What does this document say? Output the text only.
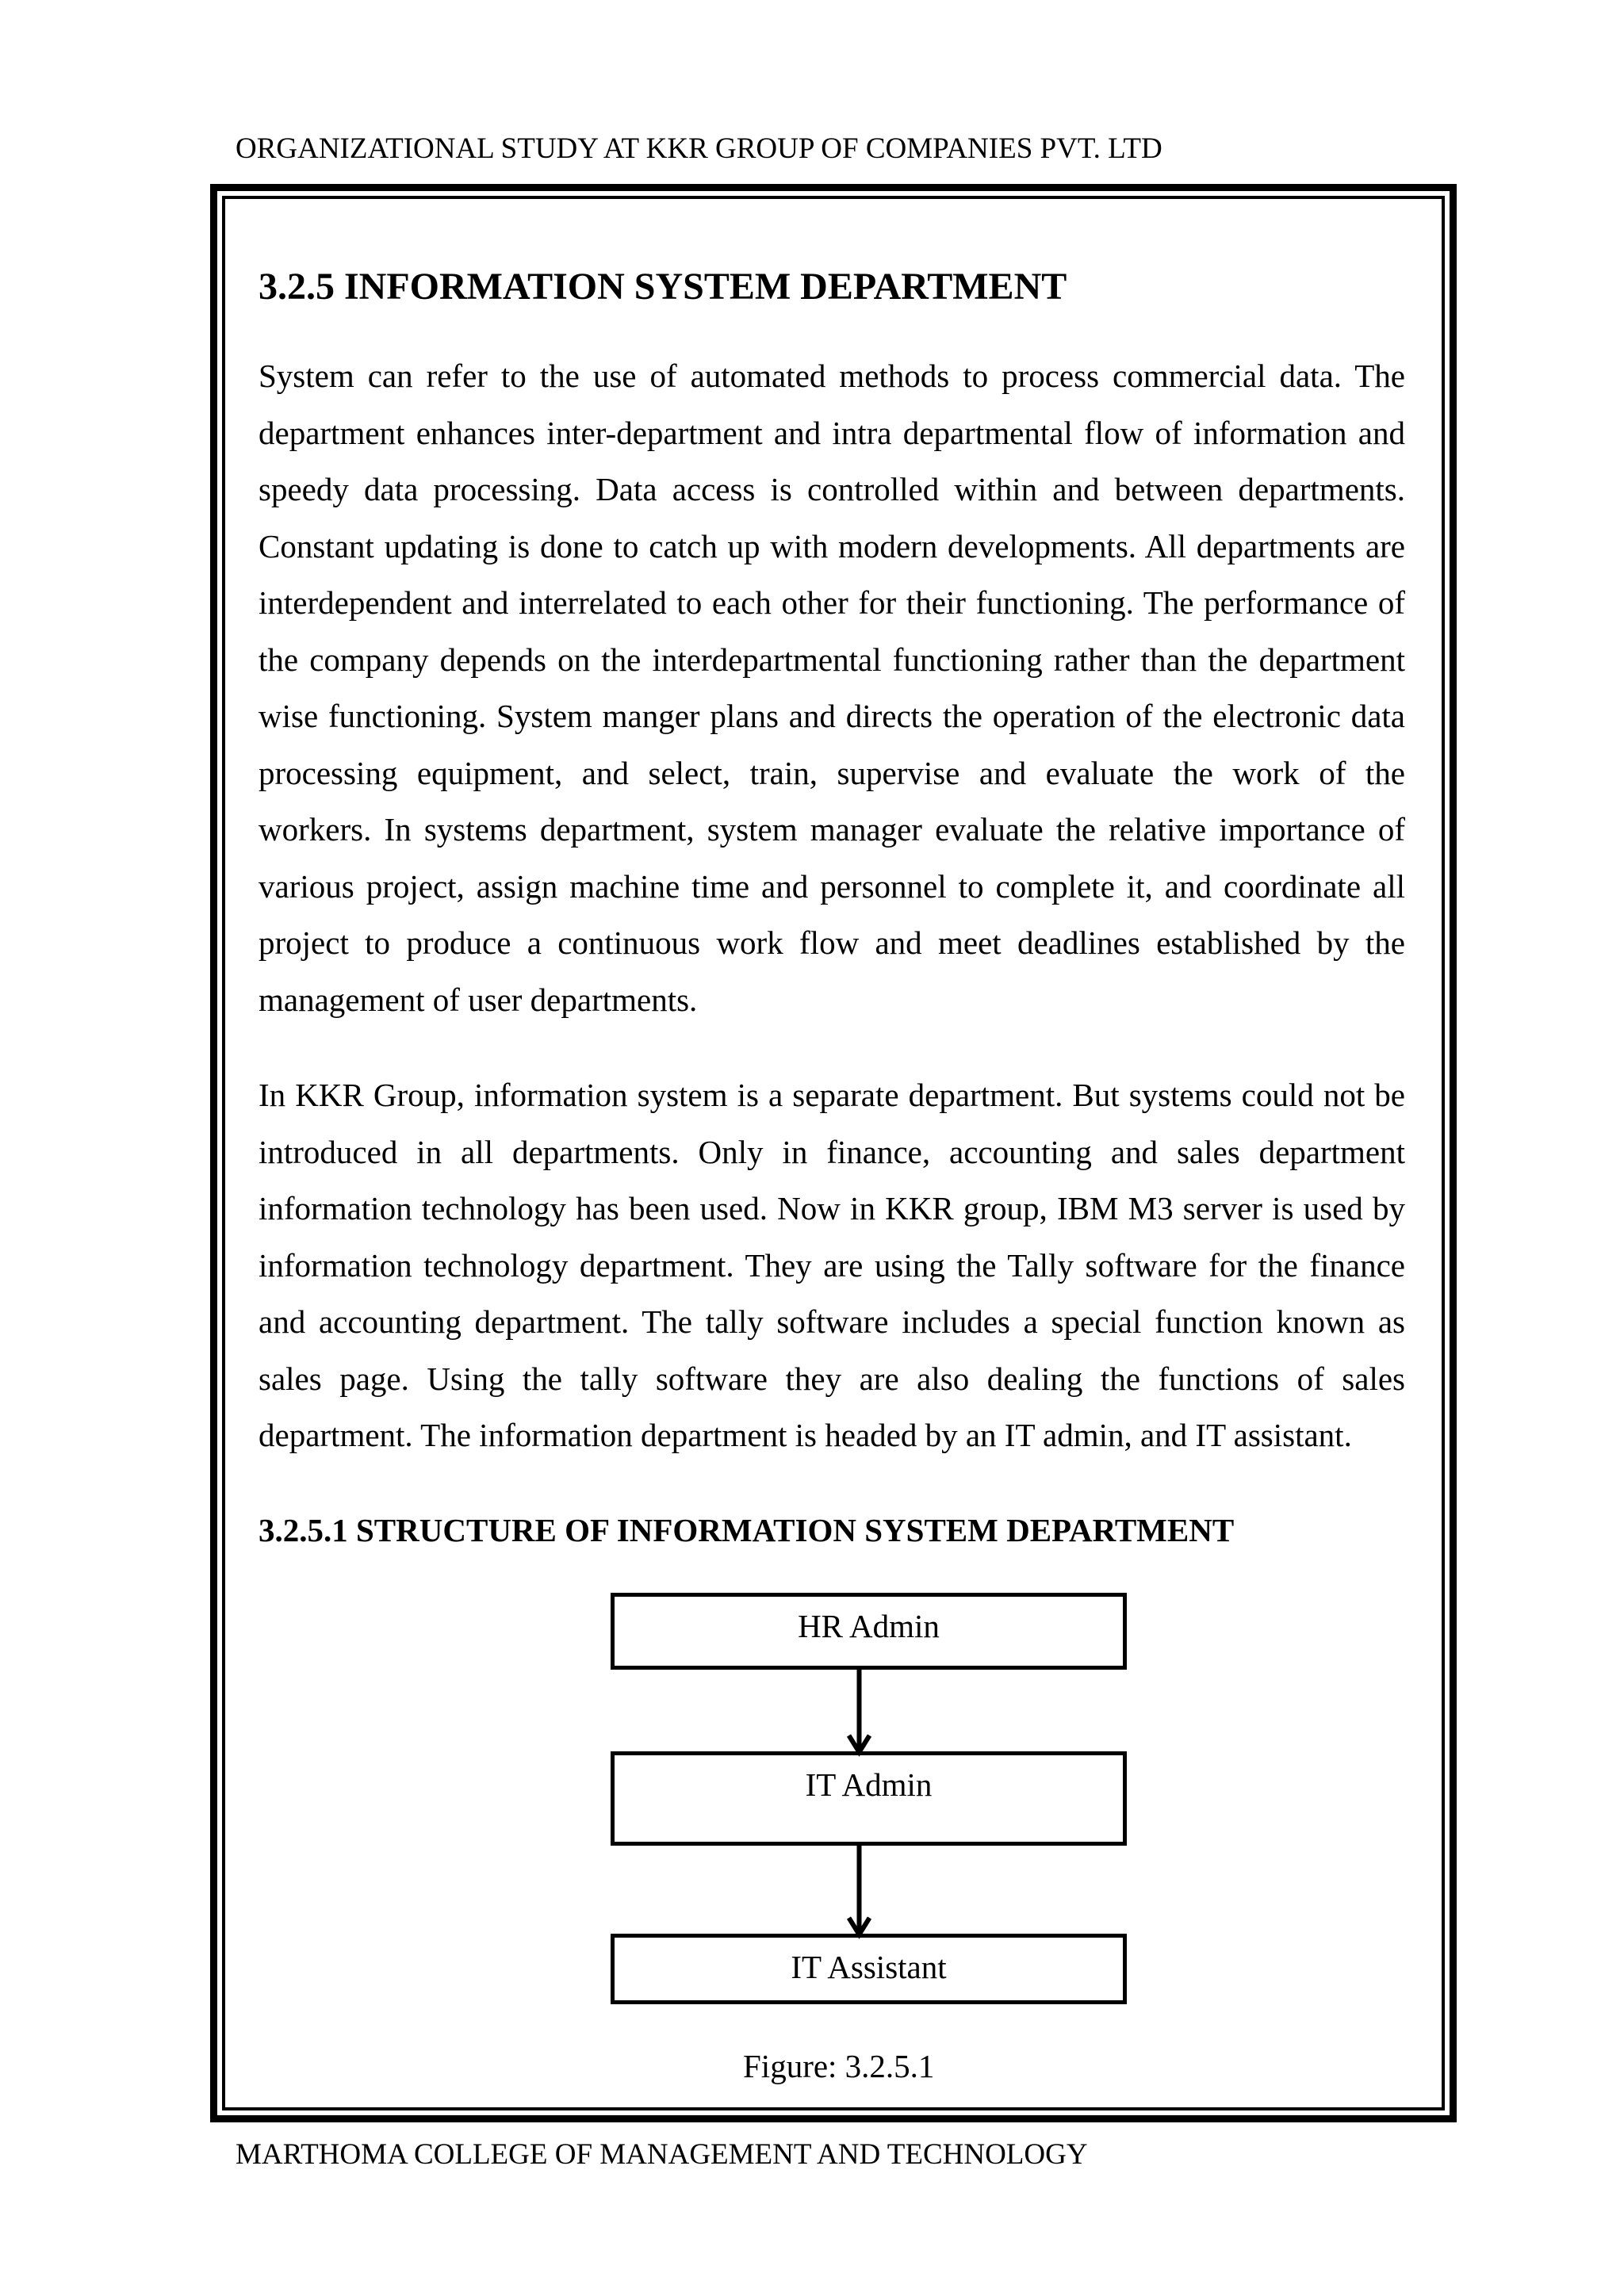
ORGANIZATIONAL STUDY AT KKR GROUP OF COMPANIES PVT. LTD
3.2.5 INFORMATION SYSTEM DEPARTMENT
System can refer to the use of automated methods to process commercial data. The
department enhances inter-department and intra departmental flow of information and
speedy data processing. Data access is controlled within and between departments.
Constant updating is done to catch up with modern developments. All departments are
interdependent and interrelated to each other for their functioning. The performance of
the company depends on the interdepartmental functioning rather than the department
wise functioning. System manger plans and directs the operation of the electronic data
processing equipment, and select, train, supervise and evaluate the work of the
workers. In systems department, system manager evaluate the relative importance of
various project, assign machine time and personnel to complete it, and coordinate all
project to produce a continuous work flow and meet deadlines established by the
management of user departments.
In KKR Group, information system is a separate department. But systems could not be
introduced in all departments. Only in finance, accounting and sales department
information technology has been used. Now in KKR group, IBM M3 server is used by
information technology department. They are using the Tally software for the finance
and accounting department. The tally software includes a special function known as
sales page. Using the tally software they are also dealing the functions of sales
department. The information department is headed by an IT admin, and IT assistant.
3.2.5.1 STRUCTURE OF INFORMATION SYSTEM DEPARTMENT
HR Admin
IT Admin
IT Assistant
Figure: 3.2.5.1
MARTHOMA COLLEGE OF MANAGEMENT AND TECHNOLOGY
